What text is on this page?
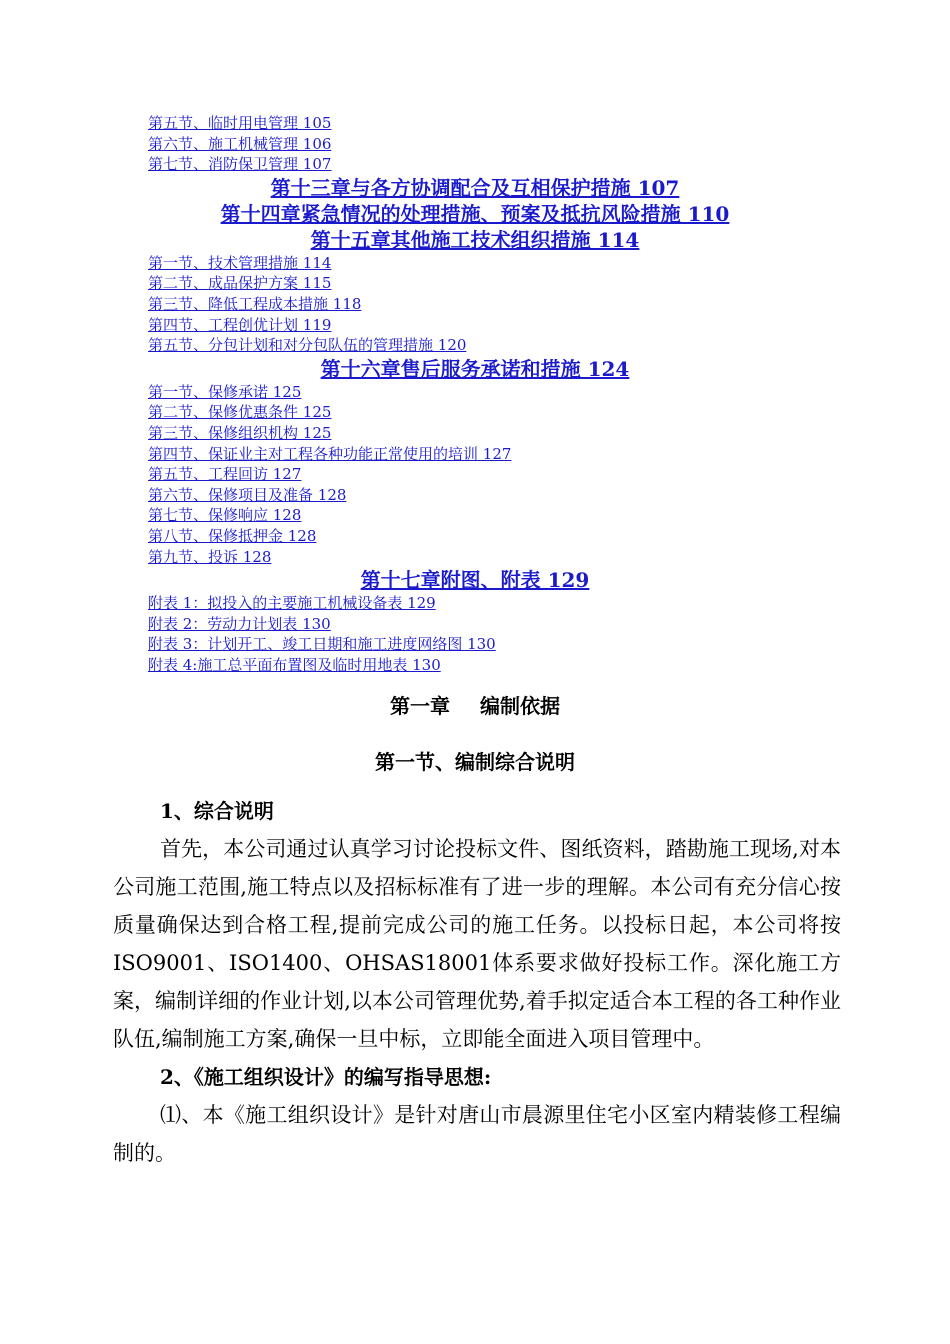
第五节、临时用电管理 105
第六节、施工机械管理 106
第七节、消防保卫管理 107
第十三章与各方协调配合及互相保护措施 107
第十四章紧急情况的处理措施、预案及抵抗风险措施 110
第十五章其他施工技术组织措施 114
第一节、技术管理措施 114
第二节、成品保护方案 115
第三节、降低工程成本措施 118
第四节、工程创优计划 119
第五节、分包计划和对分包队伍的管理措施 120
第十六章售后服务承诺和措施 124
第一节、保修承诺 125
第二节、保修优惠条件 125
第三节、保修组织机构 125
第四节、保证业主对工程各种功能正常使用的培训 127
第五节、工程回访 127
第六节、保修项目及准备 128
第七节、保修响应 128
第八节、保修抵押金 128
第九节、投诉 128
第十七章附图、附表 129
附表 1：拟投入的主要施工机械设备表 129
附表 2：劳动力计划表 130
附表 3：计划开工、竣工日期和施工进度网络图 130
附表 4:施工总平面布置图及临时用地表 130
第一章 编制依据
第一节、编制综合说明
1、综合说明
首先，本公司通过认真学习讨论投标文件、图纸资料，踏勘施工现场,对本公司施工范围,施工特点以及招标标准有了进一步的理解。本公司有充分信心按质量确保达到合格工程,提前完成公司的施工任务。以投标日起，本公司将按ISO9001、ISO1400、OHSAS18001体系要求做好投标工作。深化施工方案，编制详细的作业计划,以本公司管理优势,着手拟定适合本工程的各工种作业队伍,编制施工方案,确保一旦中标，立即能全面进入项目管理中。
2、《施工组织设计》的编写指导思想:
⑴、本《施工组织设计》是针对唐山市晨源里住宅小区室内精装修工程编制的。
